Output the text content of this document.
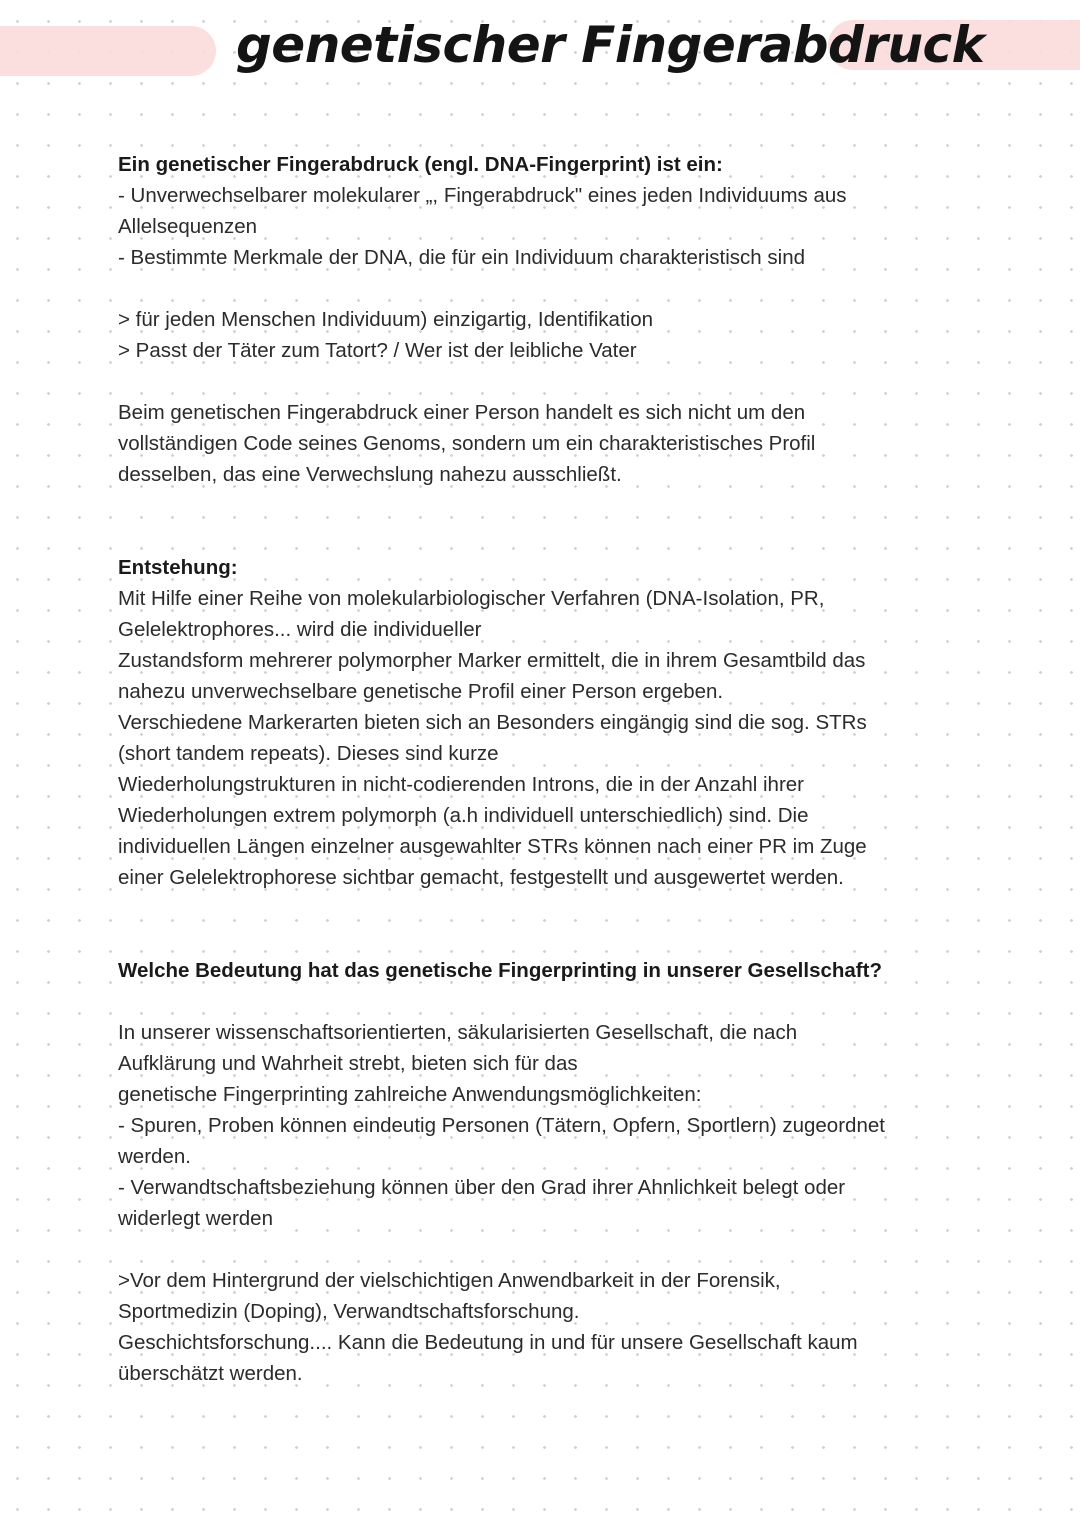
genetischer Fingerabdruck

Ein genetischer Fingerabdruck (engl. DNA-Fingerprint) ist ein:

- Unverwechselbarer molekularer „, Fingerabdruck" eines jeden Individuums aus

Allelsequenzen

- Bestimmte Merkmale der DNA, die für ein Individuum charakteristisch sind

> für jeden Menschen Individuum) einzigartig, Identifikation

> Passt der Täter zum Tatort? / Wer ist der leibliche Vater

Beim genetischen Fingerabdruck einer Person handelt es sich nicht um den

vollständigen Code seines Genoms, sondern um ein charakteristisches Profil

desselben, das eine Verwechslung nahezu ausschließt.

Entstehung:

Mit Hilfe einer Reihe von molekularbiologischer Verfahren (DNA-Isolation, PR,

Gelelektrophores... wird die individueller

Zustandsform mehrerer polymorpher Marker ermittelt, die in ihrem Gesamtbild das

nahezu unverwechselbare genetische Profil einer Person ergeben.

Verschiedene Markerarten bieten sich an Besonders eingängig sind die sog. STRs

(short tandem repeats). Dieses sind kurze

Wiederholungstrukturen in nicht-codierenden Introns, die in der Anzahl ihrer

Wiederholungen extrem polymorph (a.h individuell unterschiedlich) sind. Die

individuellen Längen einzelner ausgewahlter STRs können nach einer PR im Zuge

einer Gelelektrophorese sichtbar gemacht, festgestellt und ausgewertet werden.

Welche Bedeutung hat das genetische Fingerprinting in unserer Gesellschaft?

In unserer wissenschaftsorientierten, säkularisierten Gesellschaft, die nach

Aufklärung und Wahrheit strebt, bieten sich für das

genetische Fingerprinting zahlreiche Anwendungsmöglichkeiten:

- Spuren, Proben können eindeutig Personen (Tätern, Opfern, Sportlern) zugeordnet

werden.

- Verwandtschaftsbeziehung können über den Grad ihrer Ahnlichkeit belegt oder

widerlegt werden

>Vor dem Hintergrund der vielschichtigen Anwendbarkeit in der Forensik,

Sportmedizin (Doping), Verwandtschaftsforschung.

Geschichtsforschung.... Kann die Bedeutung in und für unsere Gesellschaft kaum

überschätzt werden.
